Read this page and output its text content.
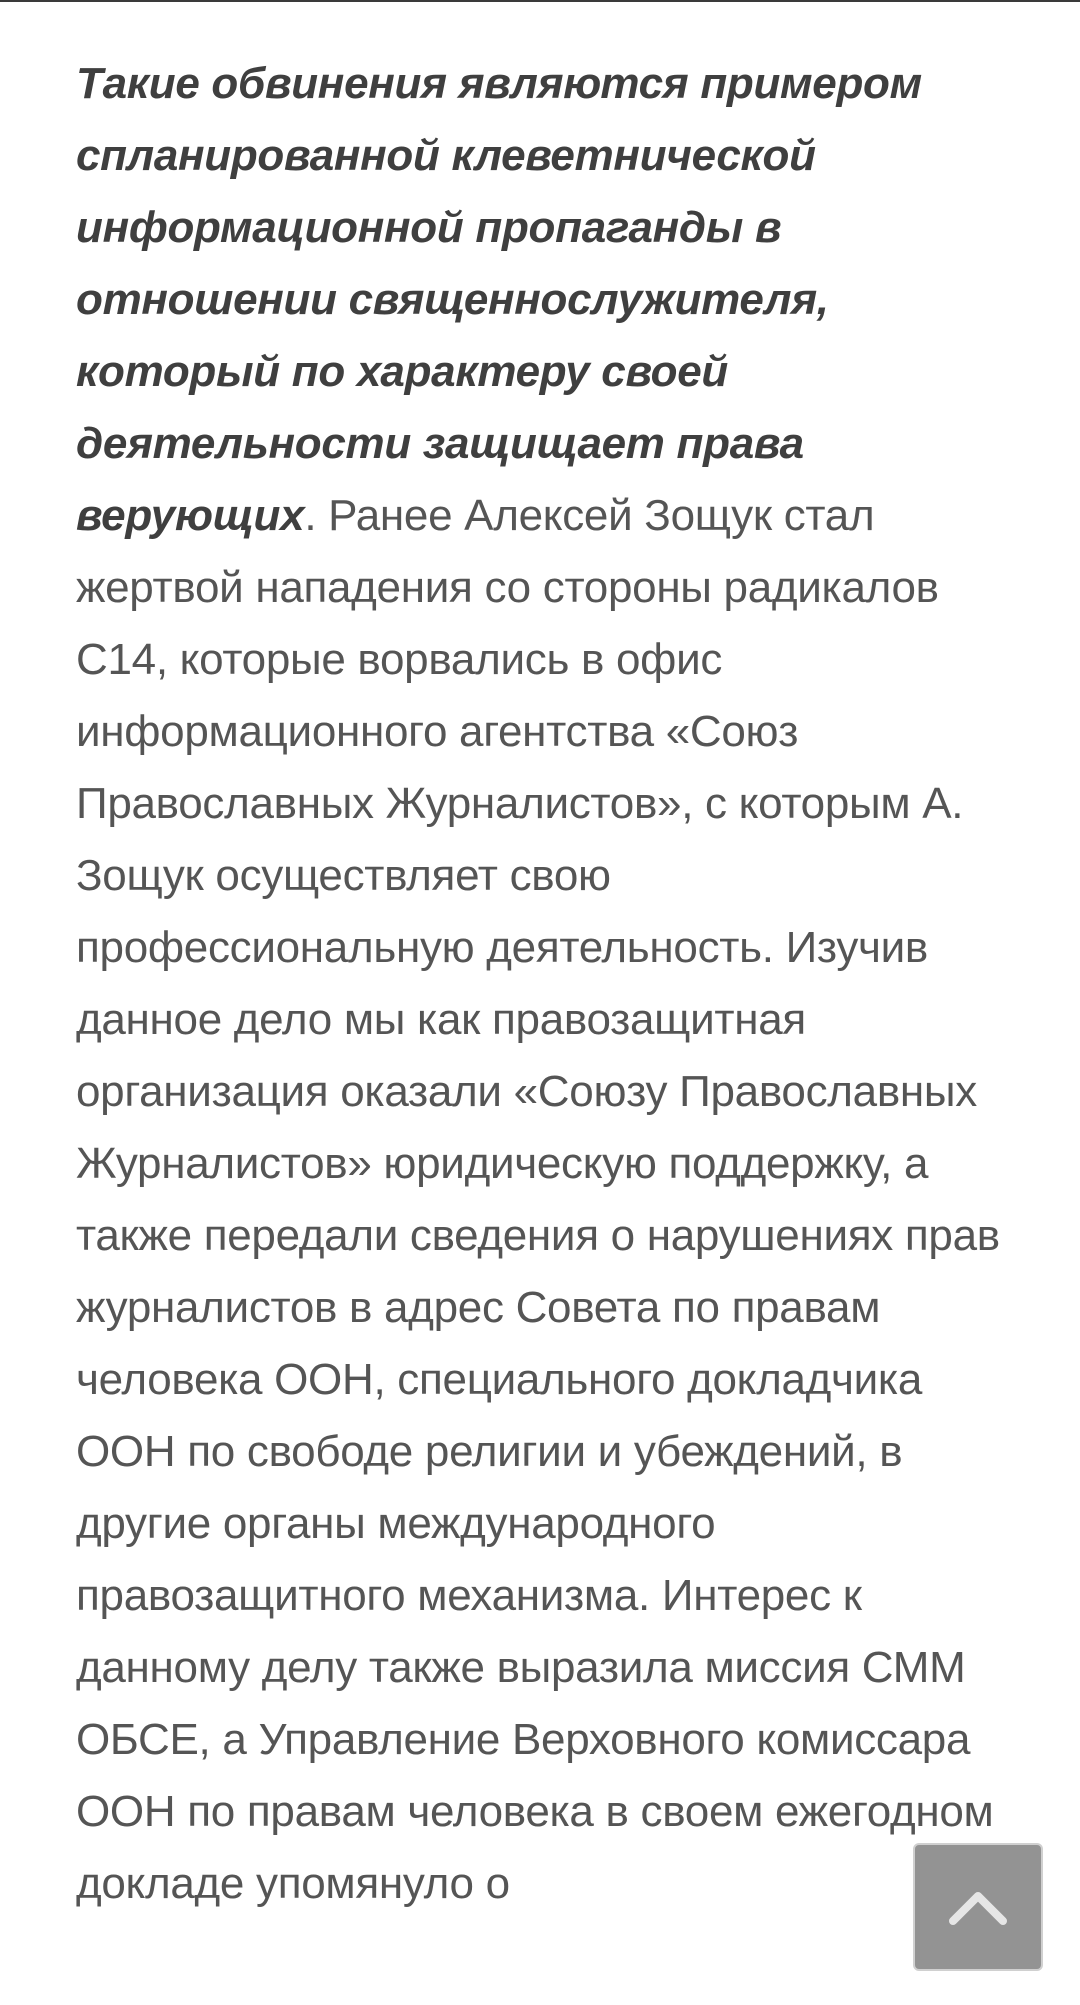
Такие обвинения являются примером спланированной клеветнической информационной пропаганды в отношении священнослужителя, который по характеру своей деятельности защищает права верующих. Ранее Алексей Зощук стал жертвой нападения со стороны радикалов С14, которые ворвались в офис информационного агентства «Союз Православных Журналистов», с которым А. Зощук осуществляет свою профессиональную деятельность. Изучив данное дело мы как правозащитная организация оказали «Союзу Православных Журналистов» юридическую поддержку, а также передали сведения о нарушениях прав журналистов в адрес Совета по правам человека ООН, специального докладчика ООН по свободе религии и убеждений, в другие органы международного правозащитного механизма. Интерес к данному делу также выразила миссия СММ ОБСЕ, а Управление Верховного комиссара ООН по правам человека в своем ежегодном докладе упомянуло о
